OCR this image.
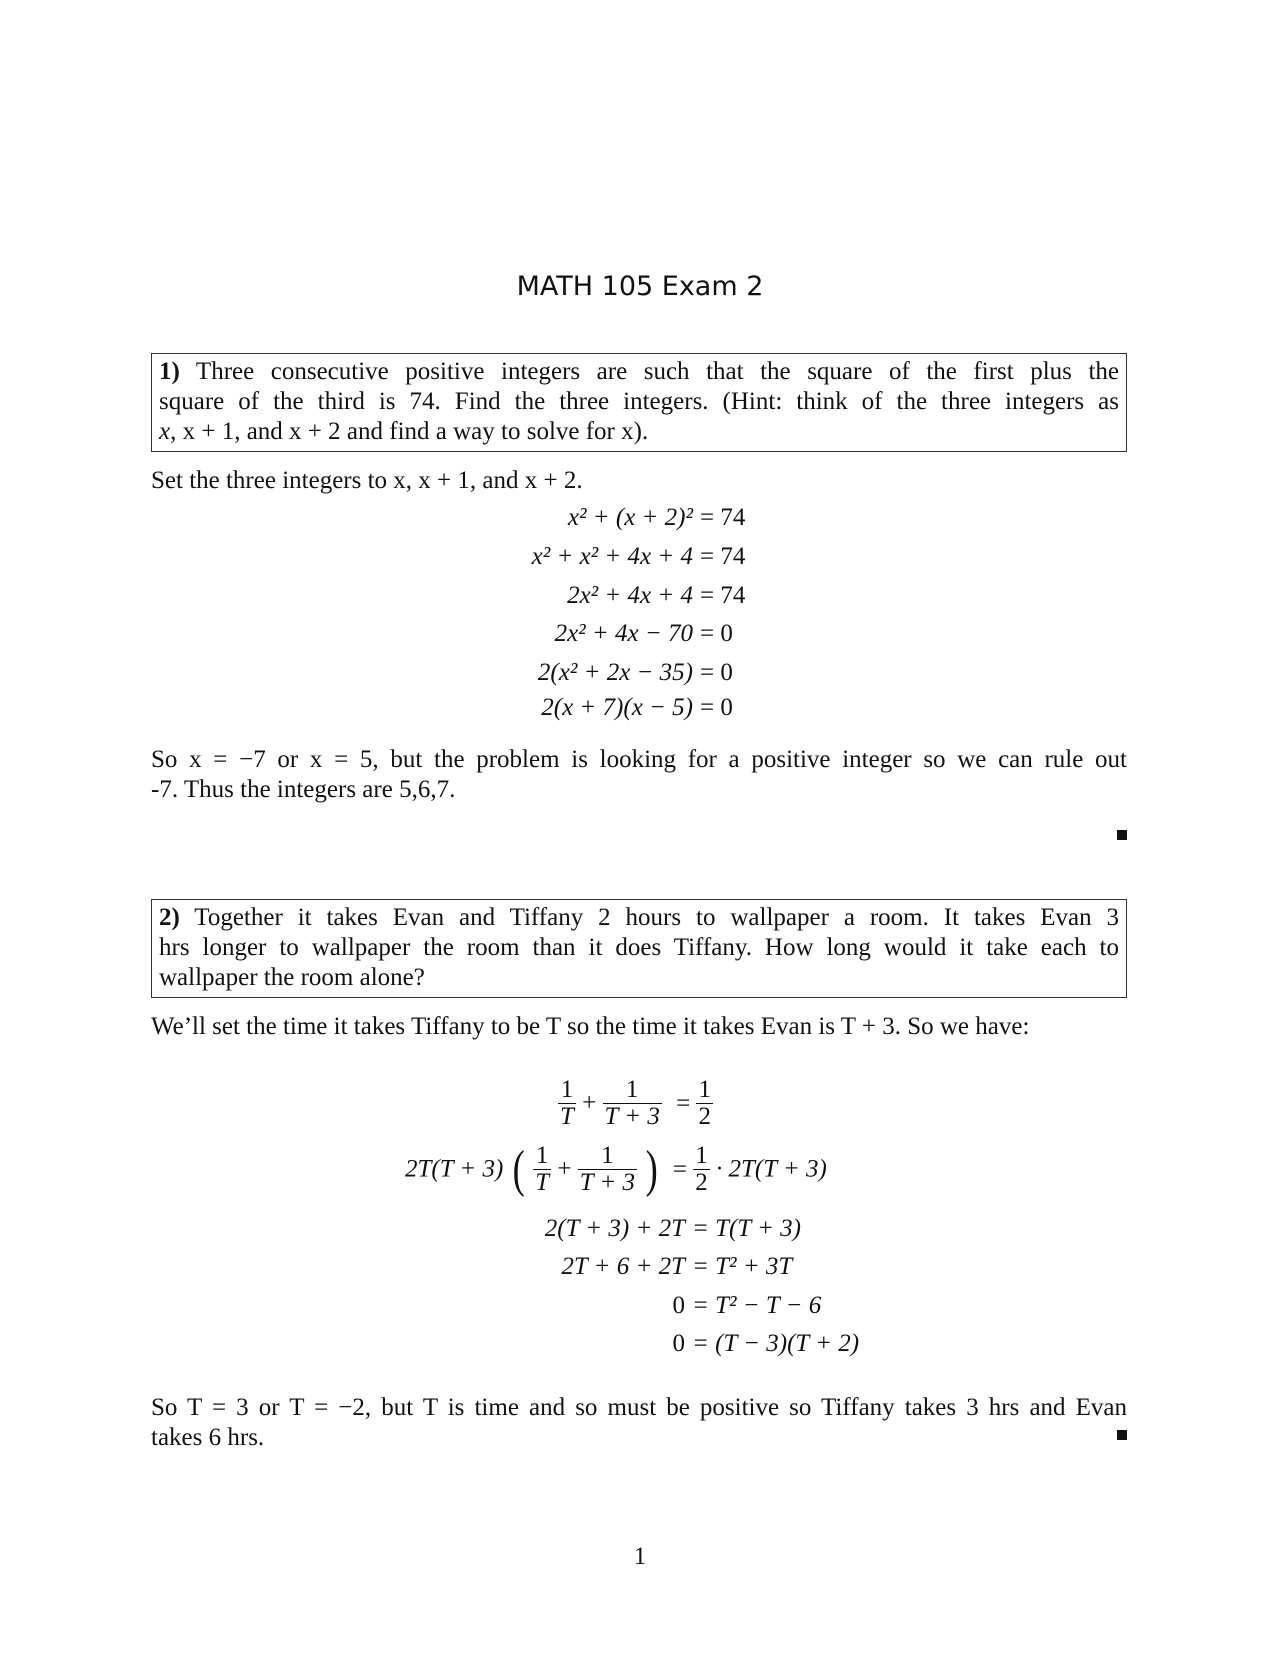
MATH 105 Exam 2
1) Three consecutive positive integers are such that the square of the first plus the
square of the third is 74. Find the three integers. (Hint: think of the three integers as
x, x + 1, and x + 2 and find a way to solve for x).
Set the three integers to x, x + 1, and x + 2.
x² + (x + 2)² = 74
x² + x² + 4x + 4 = 74
2x² + 4x + 4 = 74
2x² + 4x − 70 = 0
2(x² + 2x − 35) = 0
2(x + 7)(x − 5) = 0
So x = −7 or x = 5, but the problem is looking for a positive integer so we can rule out
-7. Thus the integers are 5,6,7.
2) Together it takes Evan and Tiffany 2 hours to wallpaper a room. It takes Evan 3
hrs longer to wallpaper the room than it does Tiffany. How long would it take each to
wallpaper the room alone?
We’ll set the time it takes Tiffany to be T so the time it takes Evan is T + 3. So we have:
$\frac{1}{T} + \frac{1}{T + 3} = \frac{1}{2}$
2T(T + 3) ( $\frac{1}{T} + \frac{1}{T + 3}$ ) = $\frac{1}{2} \cdot 2T(T + 3)$
2(T + 3) + 2T = T(T + 3)
2T + 6 + 2T = T² + 3T
0 = T² − T − 6
0 = (T − 3)(T + 2)
So T = 3 or T = −2, but T is time and so must be positive so Tiffany takes 3 hrs and Evan
takes 6 hrs.
1
